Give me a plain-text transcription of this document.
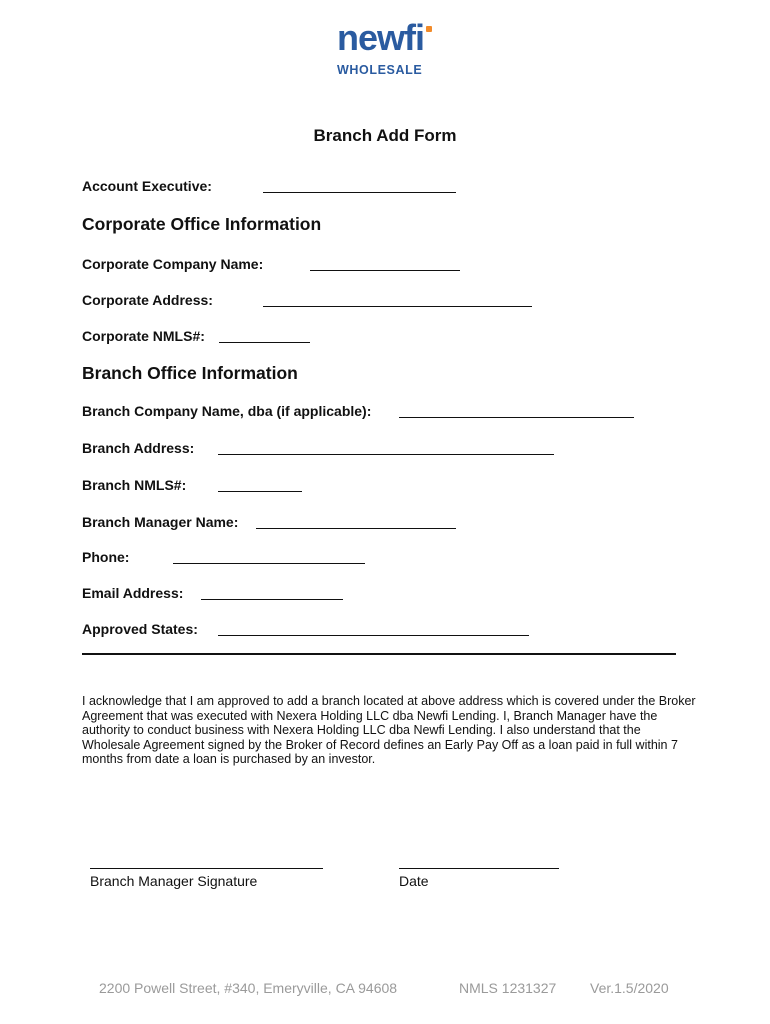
newfi
WHOLESALE
Branch Add Form
Account Executive:
Corporate Office Information
Corporate Company Name:
Corporate Address:
Corporate NMLS#:
Branch Office Information
Branch Company Name, dba (if applicable):
Branch Address:
Branch NMLS#:
Branch Manager Name:
Phone:
Email Address:
Approved States:
I acknowledge that I am approved to add a branch located at above address which is covered under the Broker Agreement that was executed with Nexera Holding LLC dba Newfi Lending. I, Branch Manager have the authority to conduct business with Nexera Holding LLC dba Newfi Lending. I also understand that the Wholesale Agreement signed by the Broker of Record defines an Early Pay Off as a loan paid in full within 7 months from date a loan is purchased by an investor.
Branch Manager Signature	Date
2200 Powell Street, #340, Emeryville, CA 94608	NMLS 1231327 Ver.1.5/2020
